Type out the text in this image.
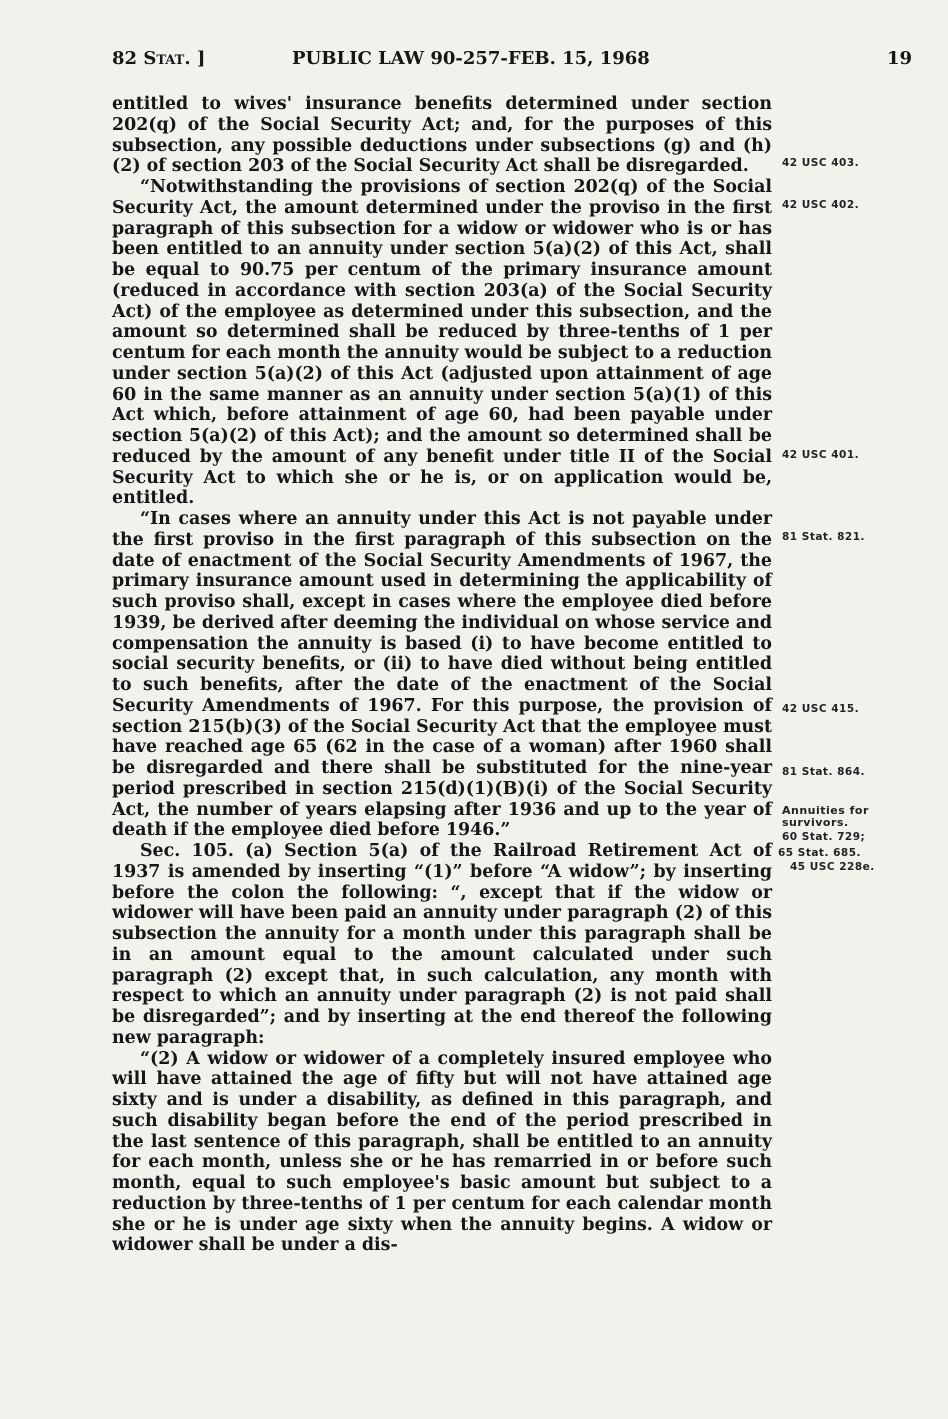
82 Stat. ]	PUBLIC LAW 90-257-FEB. 15, 1968	19

entitled to wives' insurance benefits determined under section 202(q) of the Social Security Act; and, for the purposes of this subsection, any possible deductions under subsections (g) and (h)(2) of section 203 of the Social Security Act shall be disregarded.

“Notwithstanding the provisions of section 202(q) of the Social Security Act, the amount determined under the proviso in the first paragraph of this subsection for a widow or widower who is or has been entitled to an annuity under section 5(a)(2) of this Act, shall be equal to 90.75 per centum of the primary insurance amount (reduced in accordance with section 203(a) of the Social Security Act) of the employee as determined under this subsection, and the amount so determined shall be reduced by three-tenths of 1 per centum for each month the annuity would be subject to a reduction under section 5(a)(2) of this Act (adjusted upon attainment of age 60 in the same manner as an annuity under section 5(a)(1) of this Act which, before attainment of age 60, had been payable under section 5(a)(2) of this Act); and the amount so determined shall be reduced by the amount of any benefit under title II of the Social Security Act to which she or he is, or on application would be, entitled.

“In cases where an annuity under this Act is not payable under the first proviso in the first paragraph of this subsection on the date of enactment of the Social Security Amendments of 1967, the primary insurance amount used in determining the applicability of such proviso shall, except in cases where the employee died before 1939, be derived after deeming the individual on whose service and compensation the annuity is based (i) to have become entitled to social security benefits, or (ii) to have died without being entitled to such benefits, after the date of the enactment of the Social Security Amendments of 1967. For this purpose, the provision of section 215(b)(3) of the Social Security Act that the employee must have reached age 65 (62 in the case of a woman) after 1960 shall be disregarded and there shall be substituted for the nine-year period prescribed in section 215(d)(1)(B)(i) of the Social Security Act, the number of years elapsing after 1936 and up to the year of death if the employee died before 1946.”

Sec. 105. (a) Section 5(a) of the Railroad Retirement Act of 1937 is amended by inserting “(1)” before “A widow”; by inserting before the colon the following: “, except that if the widow or widower will have been paid an annuity under paragraph (2) of this subsection the annuity for a month under this paragraph shall be in an amount equal to the amount calculated under such paragraph (2) except that, in such calculation, any month with respect to which an annuity under paragraph (2) is not paid shall be disregarded”; and by inserting at the end thereof the following new paragraph:

“(2) A widow or widower of a completely insured employee who will have attained the age of fifty but will not have attained age sixty and is under a disability, as defined in this paragraph, and such disability began before the end of the period prescribed in the last sentence of this paragraph, shall be entitled to an annuity for each month, unless she or he has remarried in or before such month, equal to such employee's basic amount but subject to a reduction by three-tenths of 1 per centum for each calendar month she or he is under age sixty when the annuity begins. A widow or widower shall be under a dis-

42 USC 403.
42 USC 402.
42 USC 401.
81 Stat. 821.
42 USC 415.
81 Stat. 864.
Annuities for survivors.
60 Stat. 729;
65 Stat. 685.
45 USC 228e.
